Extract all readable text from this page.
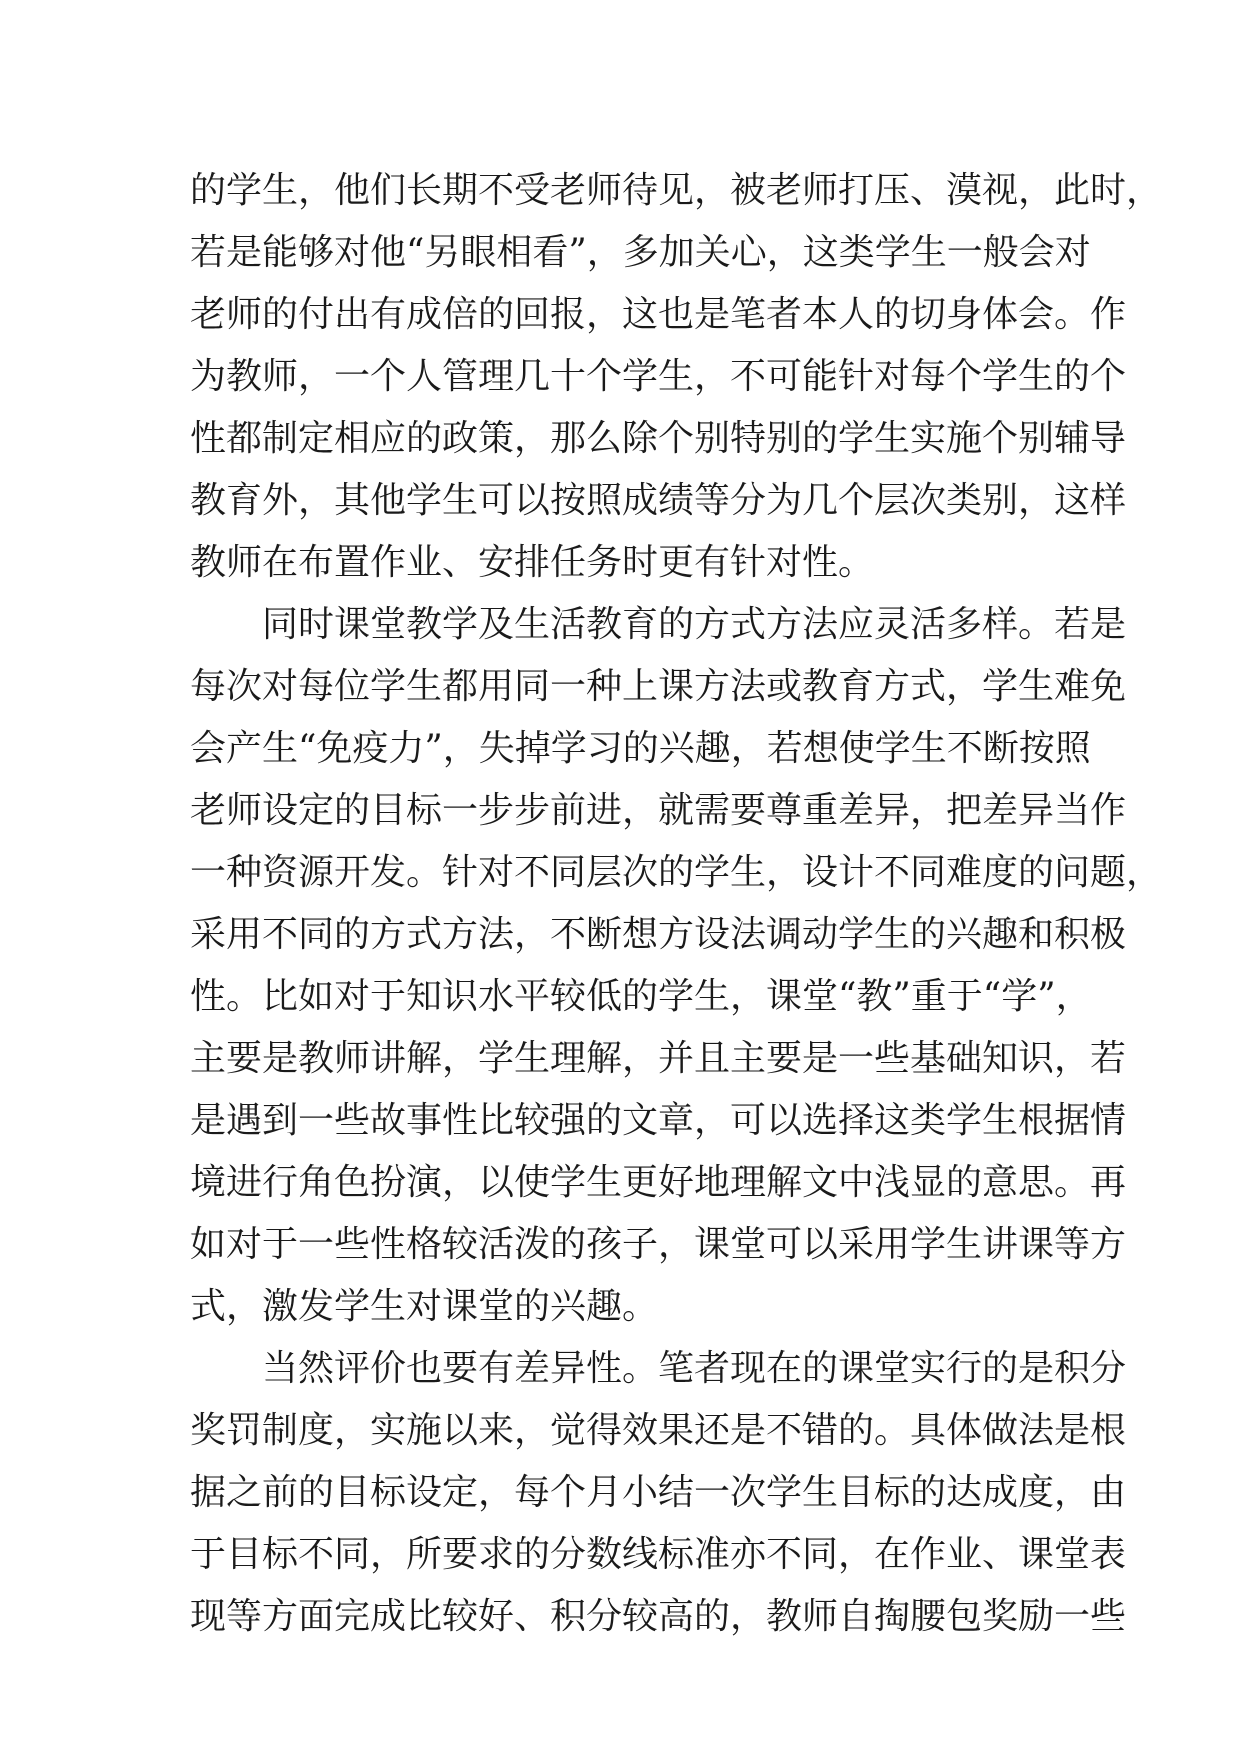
的学生，他们长期不受老师待见，被老师打压、漠视，此时，
若是能够对他“另眼相看”，多加关心，这类学生一般会对
老师的付出有成倍的回报，这也是笔者本人的切身体会。作
为教师，一个人管理几十个学生，不可能针对每个学生的个
性都制定相应的政策，那么除个别特别的学生实施个别辅导
教育外，其他学生可以按照成绩等分为几个层次类别，这样
教师在布置作业、安排任务时更有针对性。
同时课堂教学及生活教育的方式方法应灵活多样。若是
每次对每位学生都用同一种上课方法或教育方式，学生难免
会产生“免疫力”，失掉学习的兴趣，若想使学生不断按照
老师设定的目标一步步前进，就需要尊重差异，把差异当作
一种资源开发。针对不同层次的学生，设计不同难度的问题，
采用不同的方式方法，不断想方设法调动学生的兴趣和积极
性。比如对于知识水平较低的学生，课堂“教”重于“学”，
主要是教师讲解，学生理解，并且主要是一些基础知识，若
是遇到一些故事性比较强的文章，可以选择这类学生根据情
境进行角色扮演，以使学生更好地理解文中浅显的意思。再
如对于一些性格较活泼的孩子，课堂可以采用学生讲课等方
式，激发学生对课堂的兴趣。
当然评价也要有差异性。笔者现在的课堂实行的是积分
奖罚制度，实施以来，觉得效果还是不错的。具体做法是根
据之前的目标设定，每个月小结一次学生目标的达成度，由
于目标不同，所要求的分数线标准亦不同，在作业、课堂表
现等方面完成比较好、积分较高的，教师自掏腰包奖励一些
